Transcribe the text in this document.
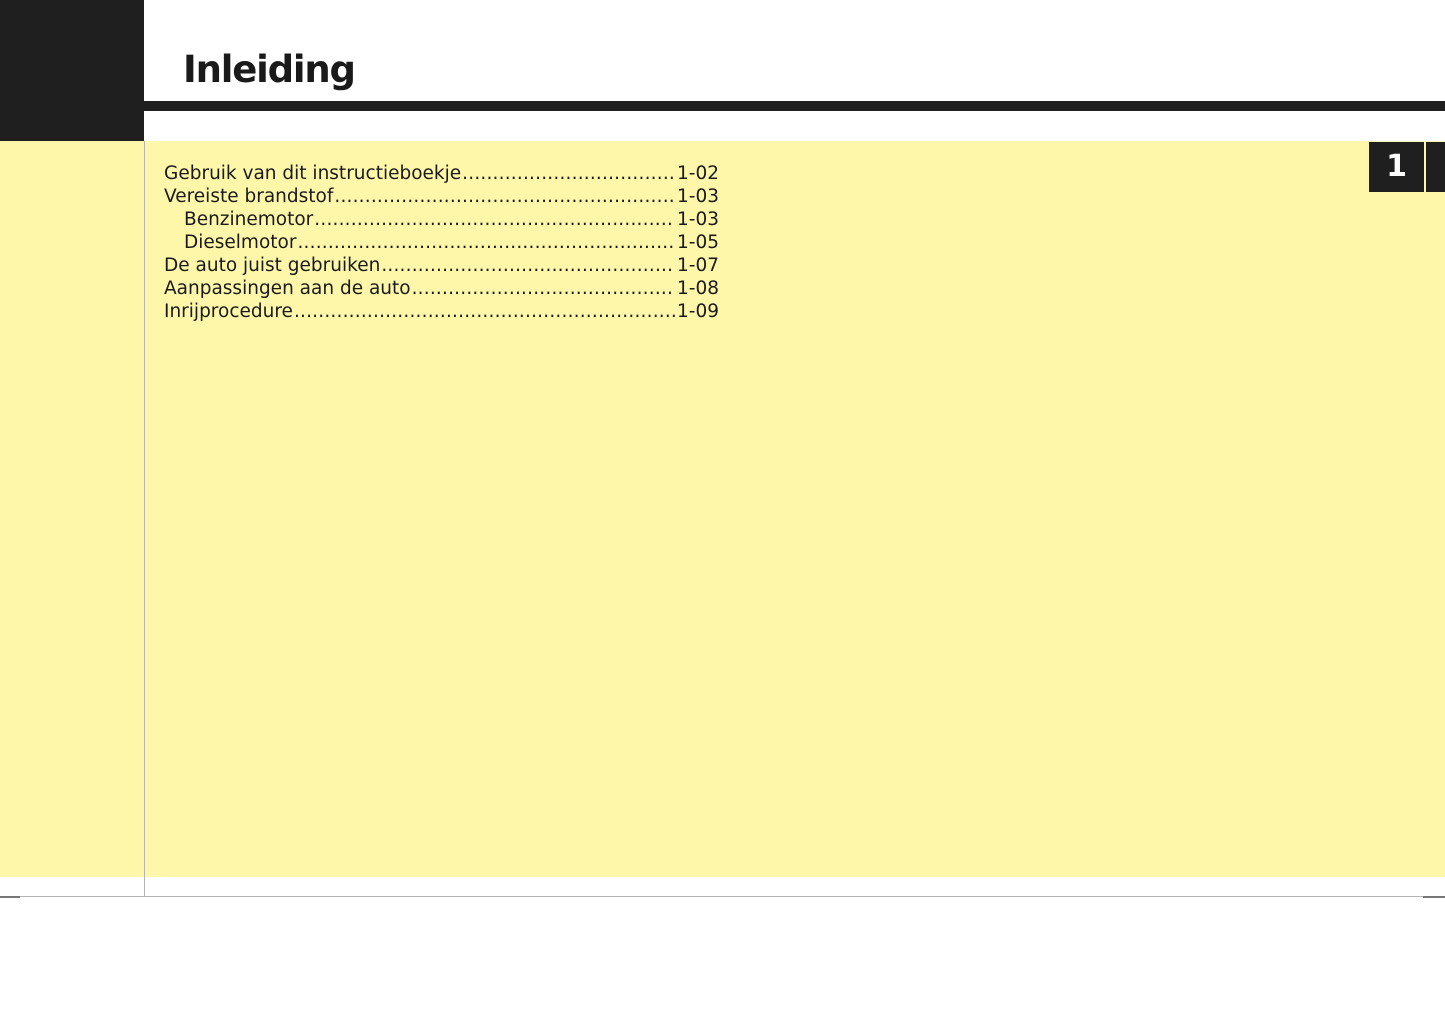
Inleiding
1
Gebruik van dit instructieboekje .....	1-02
Vereiste brandstof .....	1-03
Benzinemotor .....	1-03
Dieselmotor .....	1-05
De auto juist gebruiken .....	1-07
Aanpassingen aan de auto .....	1-08
Inrijprocedure .....	1-09
